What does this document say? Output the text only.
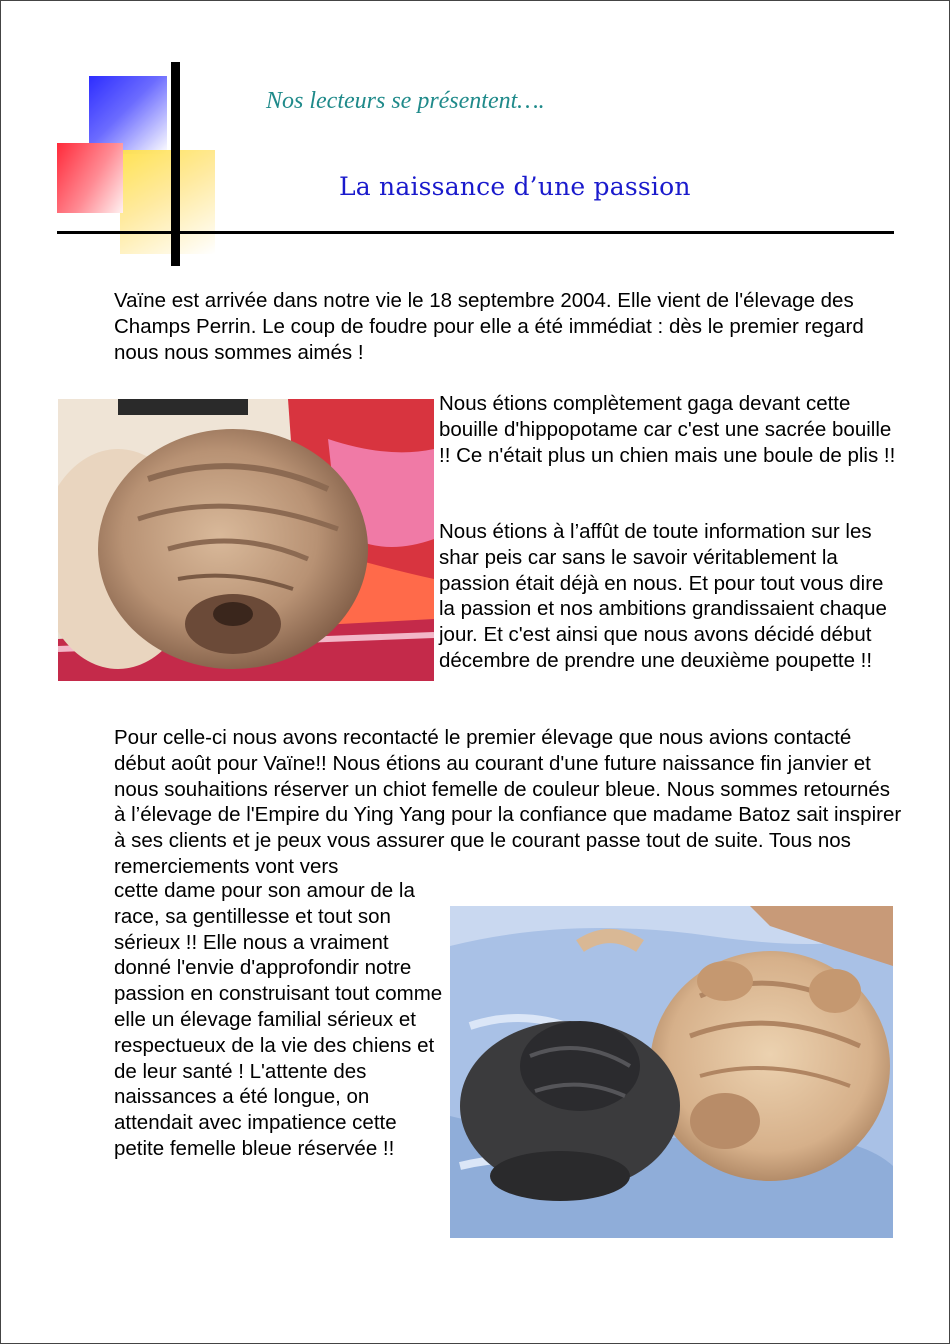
Nos lecteurs se présentent….
La naissance d’une passion

Vaïne est arrivée dans notre vie le 18 septembre 2004. Elle vient de l'élevage des Champs Perrin. Le coup de foudre pour elle a été immédiat : dès le premier regard nous nous sommes aimés !

Nous étions complètement gaga devant cette bouille d'hippopotame car c'est une sacrée bouille !! Ce n'était plus un chien mais une boule de plis !!

Nous étions à l’affût de toute information sur les shar peis car sans le savoir véritablement la passion était déjà en nous. Et pour tout vous dire la passion et nos ambitions grandissaient chaque jour. Et c'est ainsi que nous avons décidé début décembre de prendre une deuxième poupette !!

Pour celle-ci nous avons recontacté le premier élevage que nous avions contacté début août pour Vaïne!! Nous étions au courant d'une future naissance fin janvier et nous souhaitions réserver un chiot femelle de couleur bleue. Nous sommes retournés à l’élevage de l'Empire du Ying Yang pour la confiance que madame Batoz sait inspirer à ses clients et je peux vous assurer que le courant passe tout de suite. Tous nos remerciements vont vers

cette dame pour son amour de la race, sa gentillesse et tout son sérieux !! Elle nous a vraiment donné l'envie d'approfondir notre passion en construisant tout comme elle un élevage familial sérieux et respectueux de la vie des chiens et de leur santé ! L'attente des naissances a été longue, on attendait avec impatience cette petite femelle bleue réservée !!
